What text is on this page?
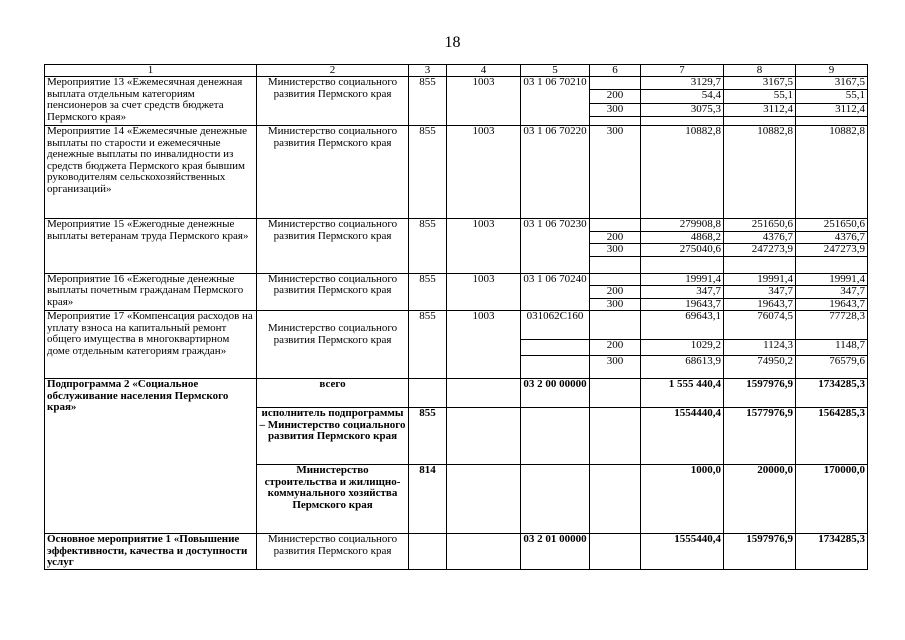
18
1	2	3	4	5	6	7	8	9
Мероприятие 13 «Ежемесячная денежная выплата отдельным категориям пенсионеров за счет средств бюджета Пермского края»	Министерство социального развития Пермского края	855	1003	03 1 06 70210		3129,7	3167,5	3167,5
					200	54,4	55,1	55,1
					300	3075,3	3112,4	3112,4

Мероприятие 14 «Ежемесячные денежные выплаты по старости и ежемесячные денежные выплаты по инвалидности из средств бюджета Пермского края бывшим руководителям сельскохозяйственных организаций»	Министерство социального развития Пермского края	855	1003	03 1 06 70220	300	10882,8	10882,8	10882,8
Мероприятие 15 «Ежегодные денежные выплаты ветеранам труда Пермского края»	Министерство социального развития Пермского края	855	1003	03 1 06 70230		279908,8	251650,6	251650,6
					200	4868,2	4376,7	4376,7
					300	275040,6	247273,9	247273,9

Мероприятие 16 «Ежегодные денежные выплаты почетным гражданам Пермского края»	Министерство социального развития Пермского края	855	1003	03 1 06 70240		19991,4	19991,4	19991,4
					200	347,7	347,7	347,7
					300	19643,7	19643,7	19643,7
Мероприятие 17 «Компенсация расходов на уплату взноса на капитальный ремонт общего имущества в многоквартирном доме отдельным категориям граждан»	Министерство социального развития Пермского края	855	1003	031062С160		69643,1	76074,5	77728,3
					200	1029,2	1124,3	1148,7
					300	68613,9	74950,2	76579,6
Подпрограмма 2 «Социальное обслуживание населения Пермского края»	всего			03 2 00 00000		1 555 440,4	1597976,9	1734285,3
	исполнитель подпрограммы – Министерство социального развития Пермского края	855				1554440,4	1577976,9	1564285,3
	Министерство строительства и жилищно-коммунального хозяйства Пермского края	814				1000,0	20000,0	170000,0
Основное мероприятие 1 «Повышение эффективности, качества и доступности услуг	Министерство социального развития Пермского края			03 2 01 00000		1555440,4	1597976,9	1734285,3
